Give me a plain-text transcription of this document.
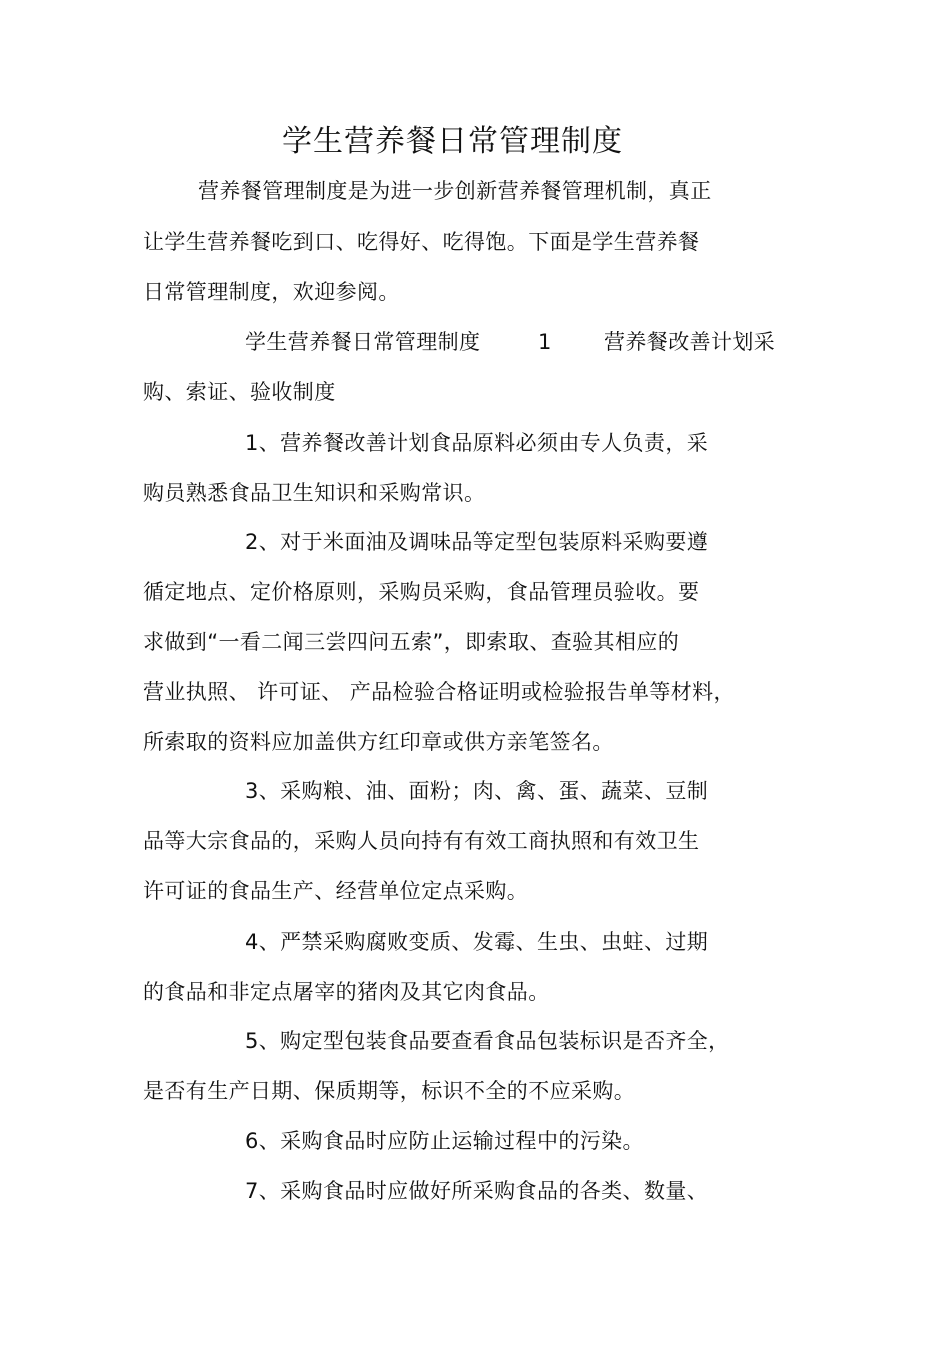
学生营养餐日常管理制度

营养餐管理制度是为进一步创新营养餐管理机制，真正

让学生营养餐吃到口、吃得好、吃得饱。下面是学生营养餐

日常管理制度，欢迎参阅。

学生营养餐日常管理制度	1 营养餐改善计划采

购、索证、验收制度

1、营养餐改善计划食品原料必须由专人负责，采

购员熟悉食品卫生知识和采购常识。

2、对于米面油及调味品等定型包装原料采购要遵

循定地点、定价格原则，采购员采购，食品管理员验收。要

求做到“一看二闻三尝四问五索”，即索取、查验其相应的

营业执照、 许可证、 产品检验合格证明或检验报告单等材料，

所索取的资料应加盖供方红印章或供方亲笔签名。

3、采购粮、油、面粉；肉、禽、蛋、蔬菜、豆制

品等大宗食品的，采购人员向持有有效工商执照和有效卫生

许可证的食品生产、经营单位定点采购。

4、严禁采购腐败变质、发霉、生虫、虫蛀、过期

的食品和非定点屠宰的猪肉及其它肉食品。

5、购定型包装食品要查看食品包装标识是否齐全，

是否有生产日期、保质期等，标识不全的不应采购。

6、采购食品时应防止运输过程中的污染。

7、采购食品时应做好所采购食品的各类、数量、
